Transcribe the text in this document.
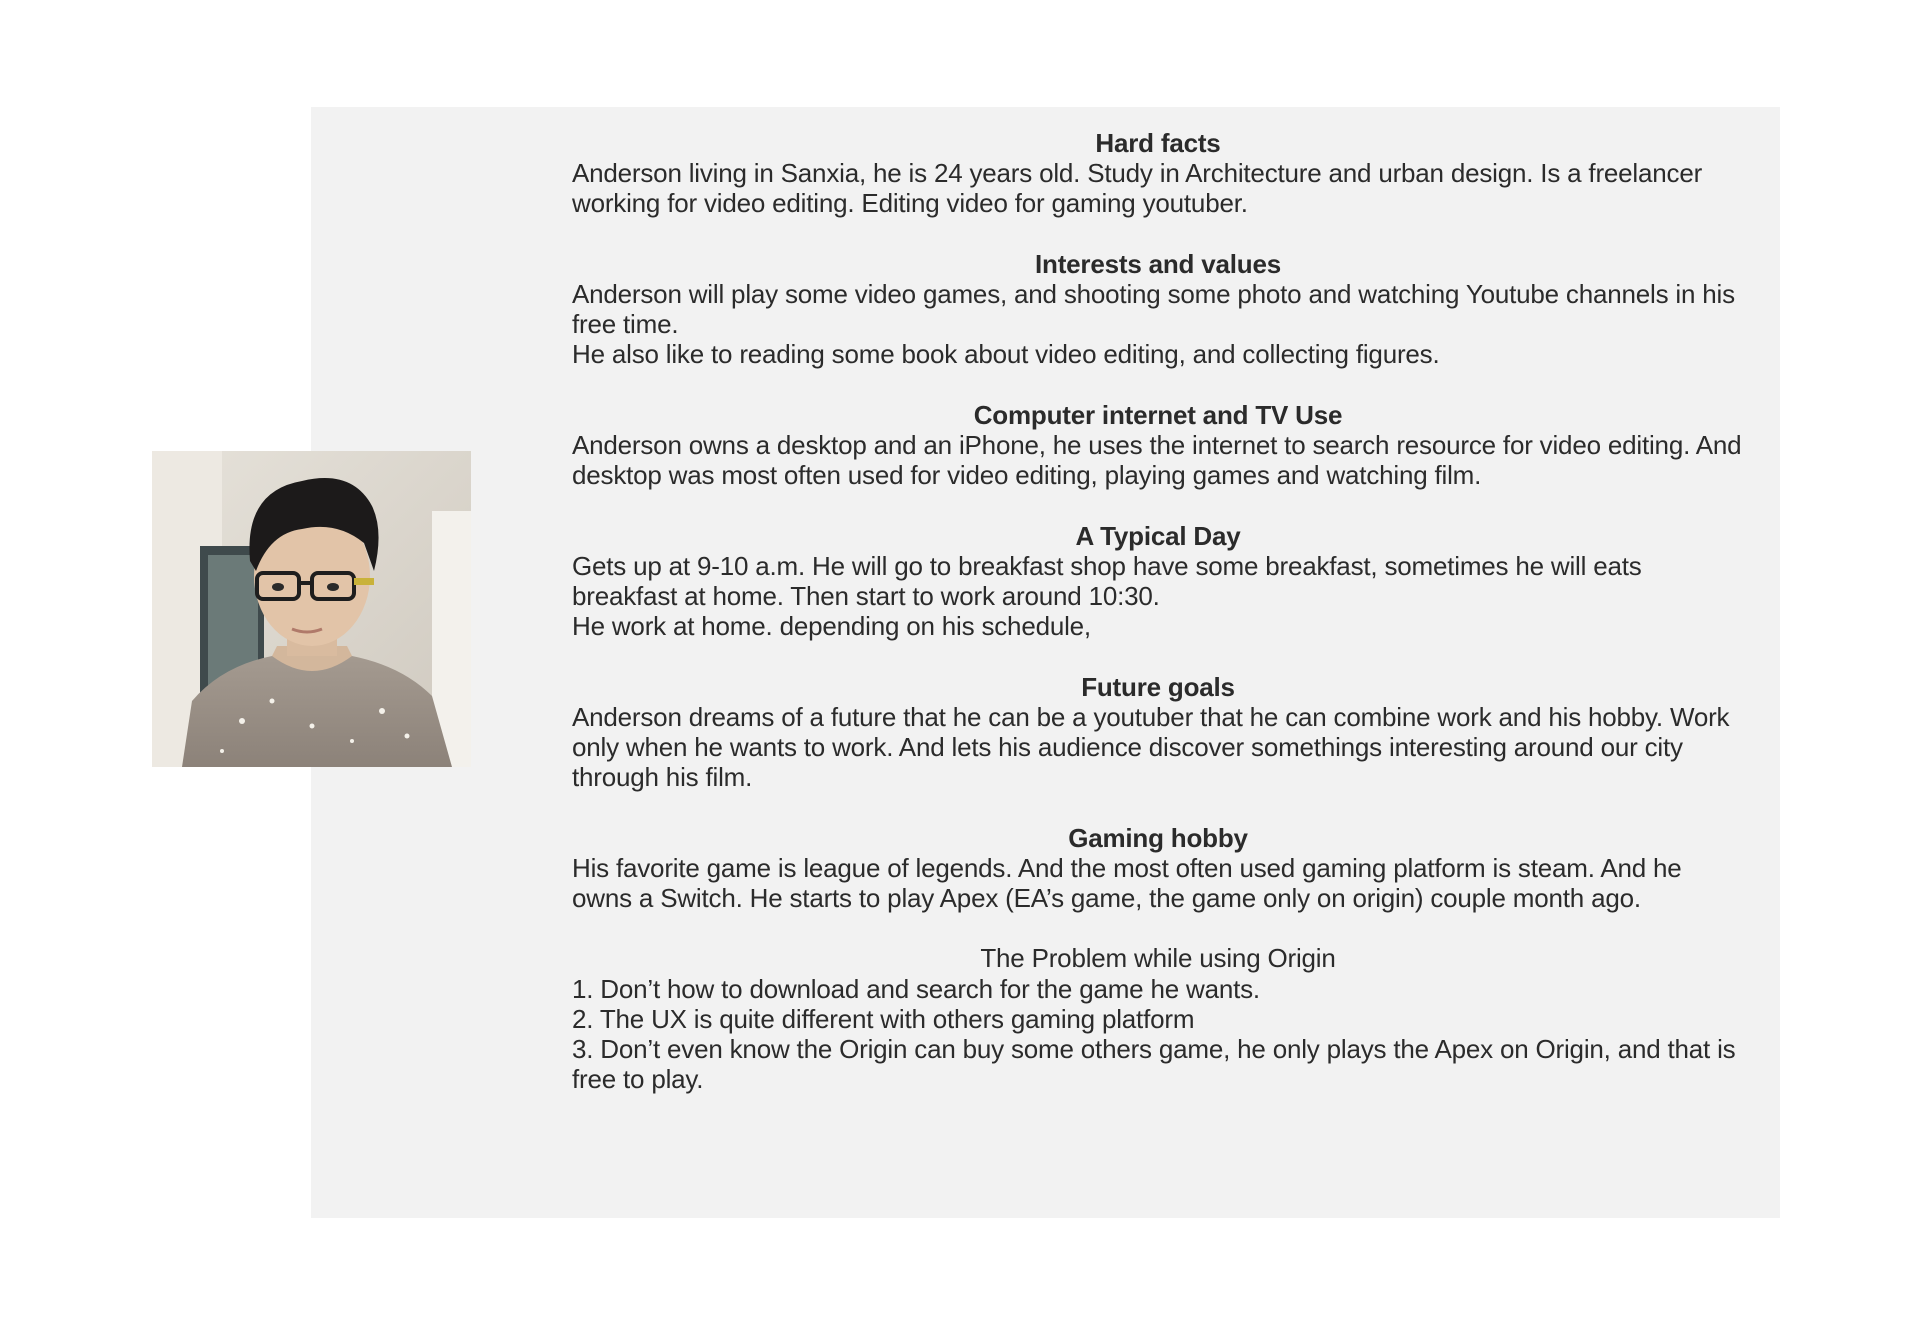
Hard facts

Anderson living in Sanxia, he is 24 years old. Study in Architecture and urban design. Is a freelancer working for video editing. Editing video for gaming youtuber.

Interests and values

Anderson will play some video games, and shooting some photo and watching Youtube channels in his free time.

He also like to reading some book about video editing, and collecting figures.

Computer internet and TV Use

Anderson owns a desktop and an iPhone, he uses the internet to search resource for video editing. And desktop was most often used for video editing, playing games and watching film.

A Typical Day

Gets up at 9-10 a.m. He will go to breakfast shop have some breakfast, sometimes he will eats breakfast at home. Then start to work around 10:30.

He work at home. depending on his schedule,

Future goals

Anderson dreams of a future that he can be a youtuber that he can combine work and his hobby. Work only when he wants to work. And lets his audience discover somethings interesting around our city through his film.

Gaming hobby

His favorite game is league of legends. And the most often used gaming platform is steam. And he owns a Switch. He starts to play Apex (EA’s game, the game only on origin) couple month ago.

The Problem while using Origin

1. Don’t how to download and search for the game he wants.
2. The UX is quite different with others gaming platform
3. Don’t even know the Origin can buy some others game, he only plays the Apex on Origin, and that is free to play.
